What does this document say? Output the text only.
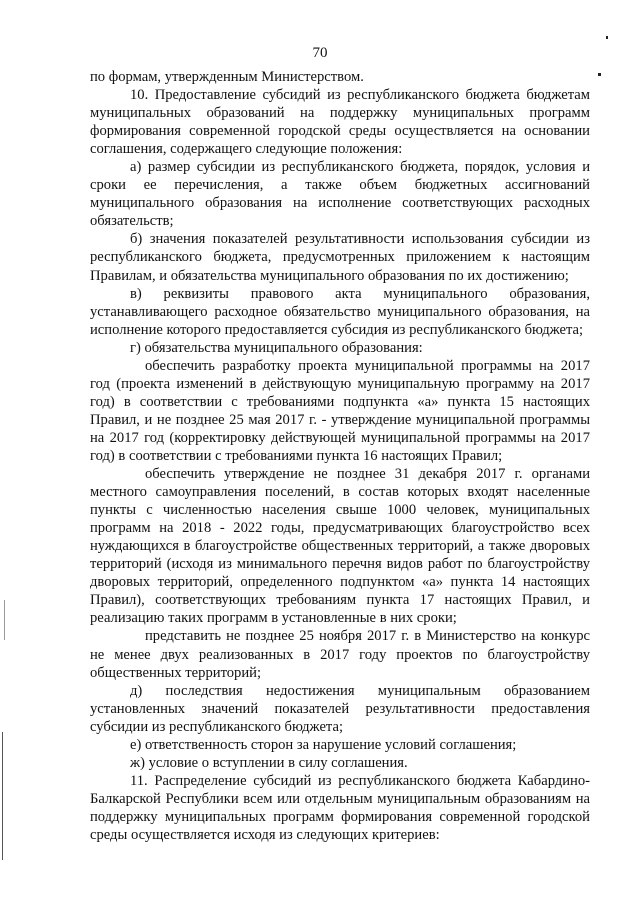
70

по формам, утвержденным Министерством.

10. Предоставление субсидий из республиканского бюджета бюджетам муниципальных образований на поддержку муниципальных программ формирования современной городской среды осуществляется на основании соглашения, содержащего следующие положения:

а) размер субсидии из республиканского бюджета, порядок, условия и сроки ее перечисления, а также объем бюджетных ассигнований муниципального образования на исполнение соответствующих расходных обязательств;

б) значения показателей результативности использования субсидии из республиканского бюджета, предусмотренных приложением к настоящим Правилам, и обязательства муниципального образования по их достижению;

в) реквизиты правового акта муниципального образования, устанавливающего расходное обязательство муниципального образования, на исполнение которого предоставляется субсидия из республиканского бюджета;

г) обязательства муниципального образования:

обеспечить разработку проекта муниципальной программы на 2017 год (проекта изменений в действующую муниципальную программу на 2017 год) в соответствии с требованиями подпункта «а» пункта 15 настоящих Правил, и не позднее 25 мая 2017 г. - утверждение муниципальной программы на 2017 год (корректировку действующей муниципальной программы на 2017 год) в соответствии с требованиями пункта 16 настоящих Правил;

обеспечить утверждение не позднее 31 декабря 2017 г. органами местного самоуправления поселений, в состав которых входят населенные пункты с численностью населения свыше 1000 человек, муниципальных программ на 2018 - 2022 годы, предусматривающих благоустройство всех нуждающихся в благоустройстве общественных территорий, а также дворовых территорий (исходя из минимального перечня видов работ по благоустройству дворовых территорий, определенного подпунктом «а» пункта 14 настоящих Правил), соответствующих требованиям пункта 17 настоящих Правил, и реализацию таких программ в установленные в них сроки;

представить не позднее 25 ноября 2017 г. в Министерство на конкурс не менее двух реализованных в 2017 году проектов по благоустройству общественных территорий;

д) последствия недостижения муниципальным образованием установленных значений показателей результативности предоставления субсидии из республиканского бюджета;

е) ответственность сторон за нарушение условий соглашения;

ж) условие о вступлении в силу соглашения.

11. Распределение субсидий из республиканского бюджета Кабардино-Балкарской Республики всем или отдельным муниципальным образованиям на поддержку муниципальных программ формирования современной городской среды осуществляется исходя из следующих критериев:
